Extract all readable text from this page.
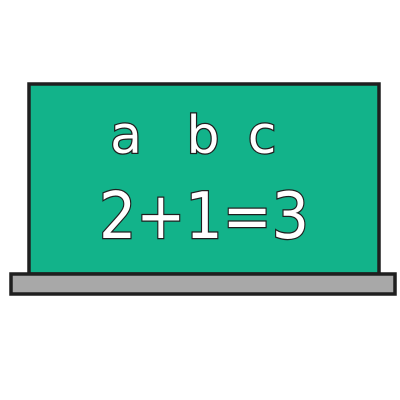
a b c
2+1=3
